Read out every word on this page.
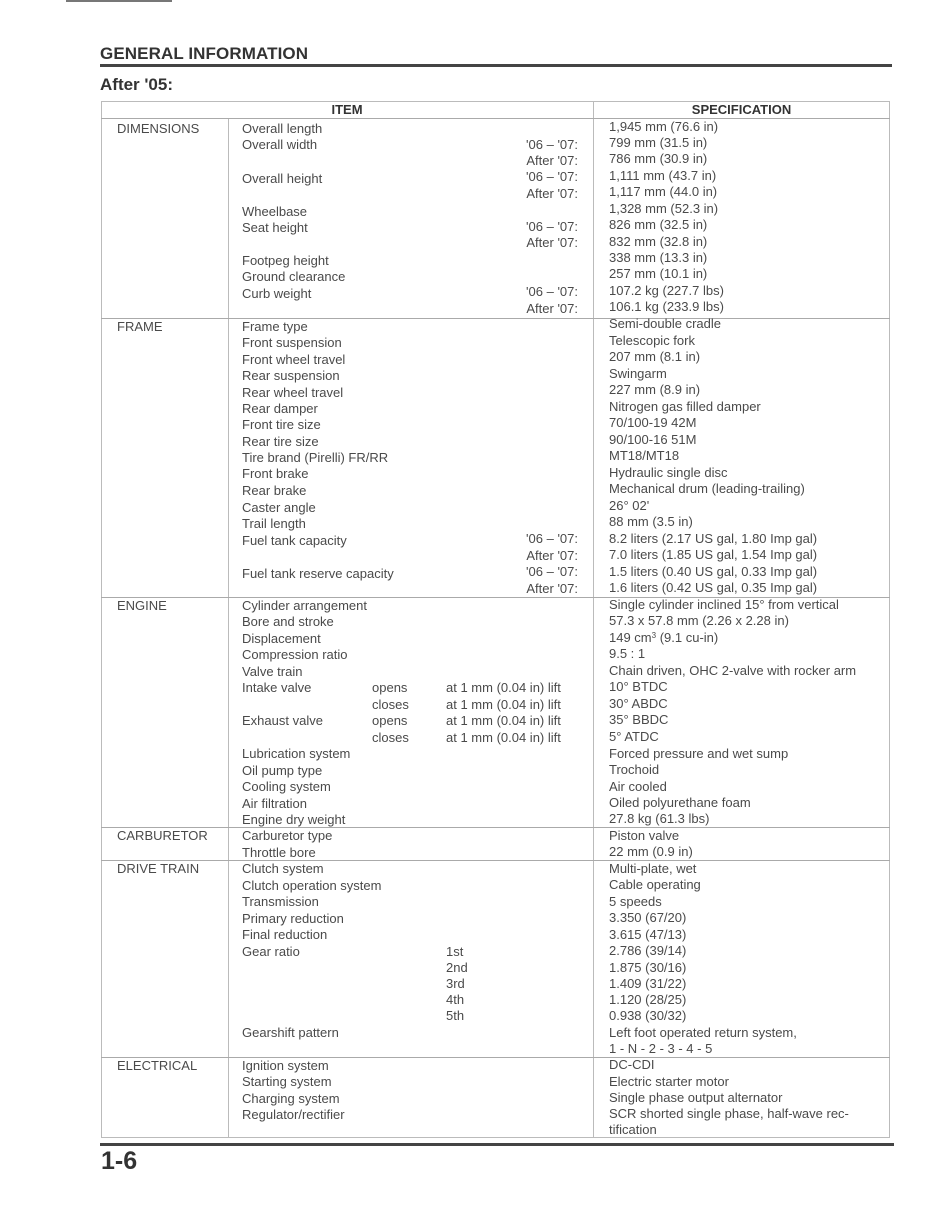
GENERAL INFORMATION
After '05:
ITEM	SPECIFICATION
DIMENSIONS	Overall length	1,945 mm (76.6 in)
Overall width	'06 – '07: 799 mm (31.5 in)
After '07: 786 mm (30.9 in)
Overall height	'06 – '07: 1,111 mm (43.7 in)
After '07: 1,117 mm (44.0 in)
Wheelbase	1,328 mm (52.3 in)
Seat height	'06 – '07: 826 mm (32.5 in)
After '07: 832 mm (32.8 in)
Footpeg height	338 mm (13.3 in)
Ground clearance	257 mm (10.1 in)
Curb weight	'06 – '07: 107.2 kg (227.7 lbs)
After '07: 106.1 kg (233.9 lbs)
FRAME	Frame type	Semi-double cradle
Front suspension	Telescopic fork
Front wheel travel	207 mm (8.1 in)
Rear suspension	Swingarm
Rear wheel travel	227 mm (8.9 in)
Rear damper	Nitrogen gas filled damper
Front tire size	70/100-19 42M
Rear tire size	90/100-16 51M
Tire brand (Pirelli) FR/RR	MT18/MT18
Front brake	Hydraulic single disc
Rear brake	Mechanical drum (leading-trailing)
Caster angle	26° 02'
Trail length	88 mm (3.5 in)
Fuel tank capacity	'06 – '07: 8.2 liters (2.17 US gal, 1.80 Imp gal)
After '07: 7.0 liters (1.85 US gal, 1.54 Imp gal)
Fuel tank reserve capacity	'06 – '07: 1.5 liters (0.40 US gal, 0.33 Imp gal)
After '07: 1.6 liters (0.42 US gal, 0.35 Imp gal)
ENGINE	Cylinder arrangement	Single cylinder inclined 15° from vertical
Bore and stroke	57.3 x 57.8 mm (2.26 x 2.28 in)
Displacement	149 $cm^3$ (9.1 cu-in)
Compression ratio	9.5 : 1
Valve train	Chain driven, OHC 2-valve with rocker arm
Intake valve	opens	at 1 mm (0.04 in) lift	10° BTDC
closes	at 1 mm (0.04 in) lift	30° ABDC
Exhaust valve	opens	at 1 mm (0.04 in) lift	35° BBDC
closes	at 1 mm (0.04 in) lift	5° ATDC
Lubrication system	Forced pressure and wet sump
Oil pump type	Trochoid
Cooling system	Air cooled
Air filtration	Oiled polyurethane foam
Engine dry weight	27.8 kg (61.3 lbs)
CARBURETOR	Carburetor type	Piston valve
Throttle bore	22 mm (0.9 in)
DRIVE TRAIN	Clutch system	Multi-plate, wet
Clutch operation system	Cable operating
Transmission	5 speeds
Primary reduction	3.350 (67/20)
Final reduction	3.615 (47/13)
Gear ratio	1st	2.786 (39/14)
2nd	1.875 (30/16)
3rd	1.409 (31/22)
4th	1.120 (28/25)
5th	0.938 (30/32)
Gearshift pattern	Left foot operated return system,
1 - N - 2 - 3 - 4 - 5
ELECTRICAL	Ignition system	DC-CDI
Starting system	Electric starter motor
Charging system	Single phase output alternator
Regulator/rectifier	SCR shorted single phase, half-wave rec-
tification
1-6
